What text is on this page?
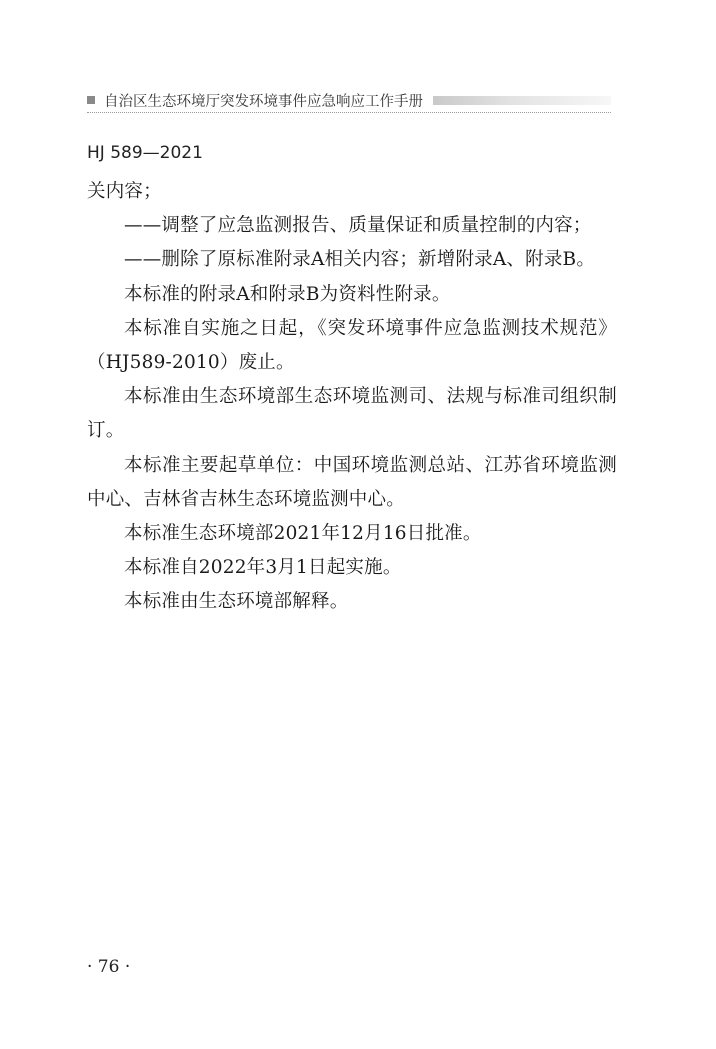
自治区生态环境厅突发环境事件应急响应工作手册
HJ 589—2021

关内容；

——调整了应急监测报告、质量保证和质量控制的内容；

——删除了原标准附录A相关内容；新增附录A、附录B。

本标准的附录A和附录B为资料性附录。

本标准自实施之日起，《突发环境事件应急监测技术规范》（HJ589-2010）废止。

本标准由生态环境部生态环境监测司、法规与标准司组织制订。

本标准主要起草单位：中国环境监测总站、江苏省环境监测中心、吉林省吉林生态环境监测中心。

本标准生态环境部2021年12月16日批准。

本标准自2022年3月1日起实施。

本标准由生态环境部解释。

· 76 ·
